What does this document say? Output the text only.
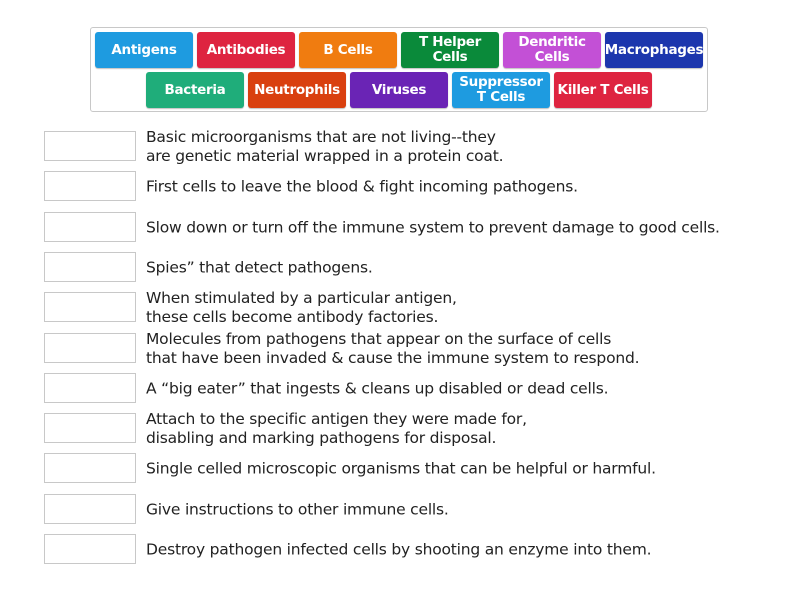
Antigens	Antibodies	B Cells	T Helper
Cells
Dendritic
Cells	Macrophages
Bacteria	Neutrophils	Viruses	Suppressor
T Cells	Killer T Cells
Basic microorganisms that are not living--they
are genetic material wrapped in a protein coat.
First cells to leave the blood & fight incoming pathogens.
Slow down or turn off the immune system to prevent damage to good cells.
Spies” that detect pathogens.
When stimulated by a particular antigen,
these cells become antibody factories.
Molecules from pathogens that appear on the surface of cells
that have been invaded & cause the immune system to respond.
A “big eater” that ingests & cleans up disabled or dead cells.
Attach to the specific antigen they were made for,
disabling and marking pathogens for disposal.
Single celled microscopic organisms that can be helpful or harmful.
Give instructions to other immune cells.
Destroy pathogen infected cells by shooting an enzyme into them.
